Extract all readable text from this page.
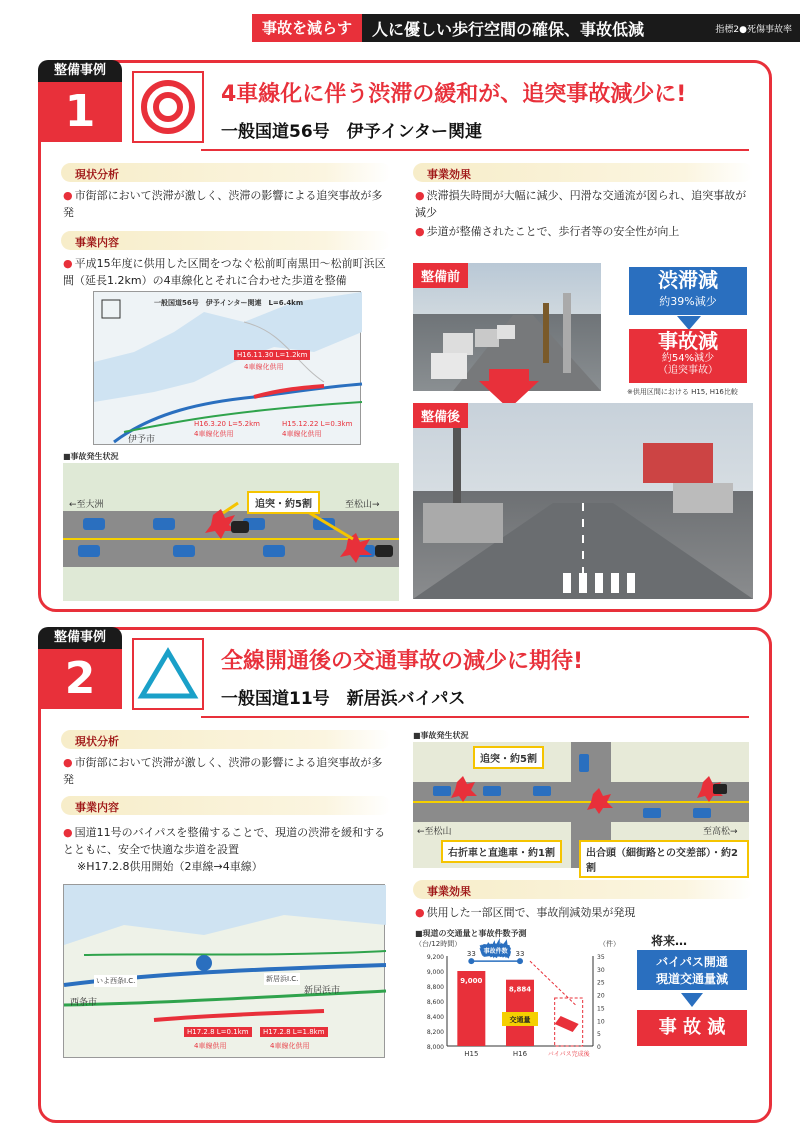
事故を減らす	人に優しい歩行空間の確保、事故低減	指標2●死傷事故率
整備事例
1	4車線化に伴う渋滞の緩和が、追突事故減少に!
一般国道56号　伊予インター関連
現状分析
● 市街部において渋滞が激しく、渋滞の影響による追突事故が多発
事業内容
● 平成15年度に供用した区間をつなぐ松前町南黒田～松前町浜区間（延長1.2km）の4車線化とそれに合わせた歩道を整備
一般国道56号　伊予インター関連　L=6.4km
H16.11.30 L=1.2km
4車線化供用
H16.3.20 L=5.2km
4車線化供用
H15.12.22 L=0.3km
4車線化供用
伊予市
■事故発生状況
追突・約5割
←至大洲	至松山→
事業効果
● 渋滞損失時間が大幅に減少、円滑な交通流が図られ、追突事故が減少
● 歩道が整備されたことで、歩行者等の安全性が向上
整備前	渋滞減
約39%減少
事故減
約54%減少
（追突事故）
※供用区間における H15, H16比較
整備後
整備事例
2	全線開通後の交通事故の減少に期待!
一般国道11号　新居浜バイパス
現状分析
● 市街部において渋滞が激しく、渋滞の影響による追突事故が多発
事業内容
● 国道11号のバイパスを整備することで、現道の渋滞を緩和するとともに、安全で快適な歩道を設置
※H17.2.8供用開始（2車線→4車線）
いよ西条I.C.
西条市
新居浜市
新居浜I.C.
H17.2.8 L=0.1km
4車線供用
H17.2.8 L=1.8km
4車線化供用
■事故発生状況
追突・約5割
右折車と直進車・約1割	出合頭（細街路との交差部）・約2割
←至松山	至高松→
事業効果
● 供用した一部区間で、事故削減効果が発現
■現道の交通量と事故件数予測
（台/12時間）	（件）
9,200
9,000
8,800
8,600
8,400
8,200
8,000
35
30
25
20
15
10
5
0
9,000
H15
33
8,884
H16
33
事故件数
交通量
バイパス完成後
将来…
バイパス開通
現道交通量減
事 故 減
